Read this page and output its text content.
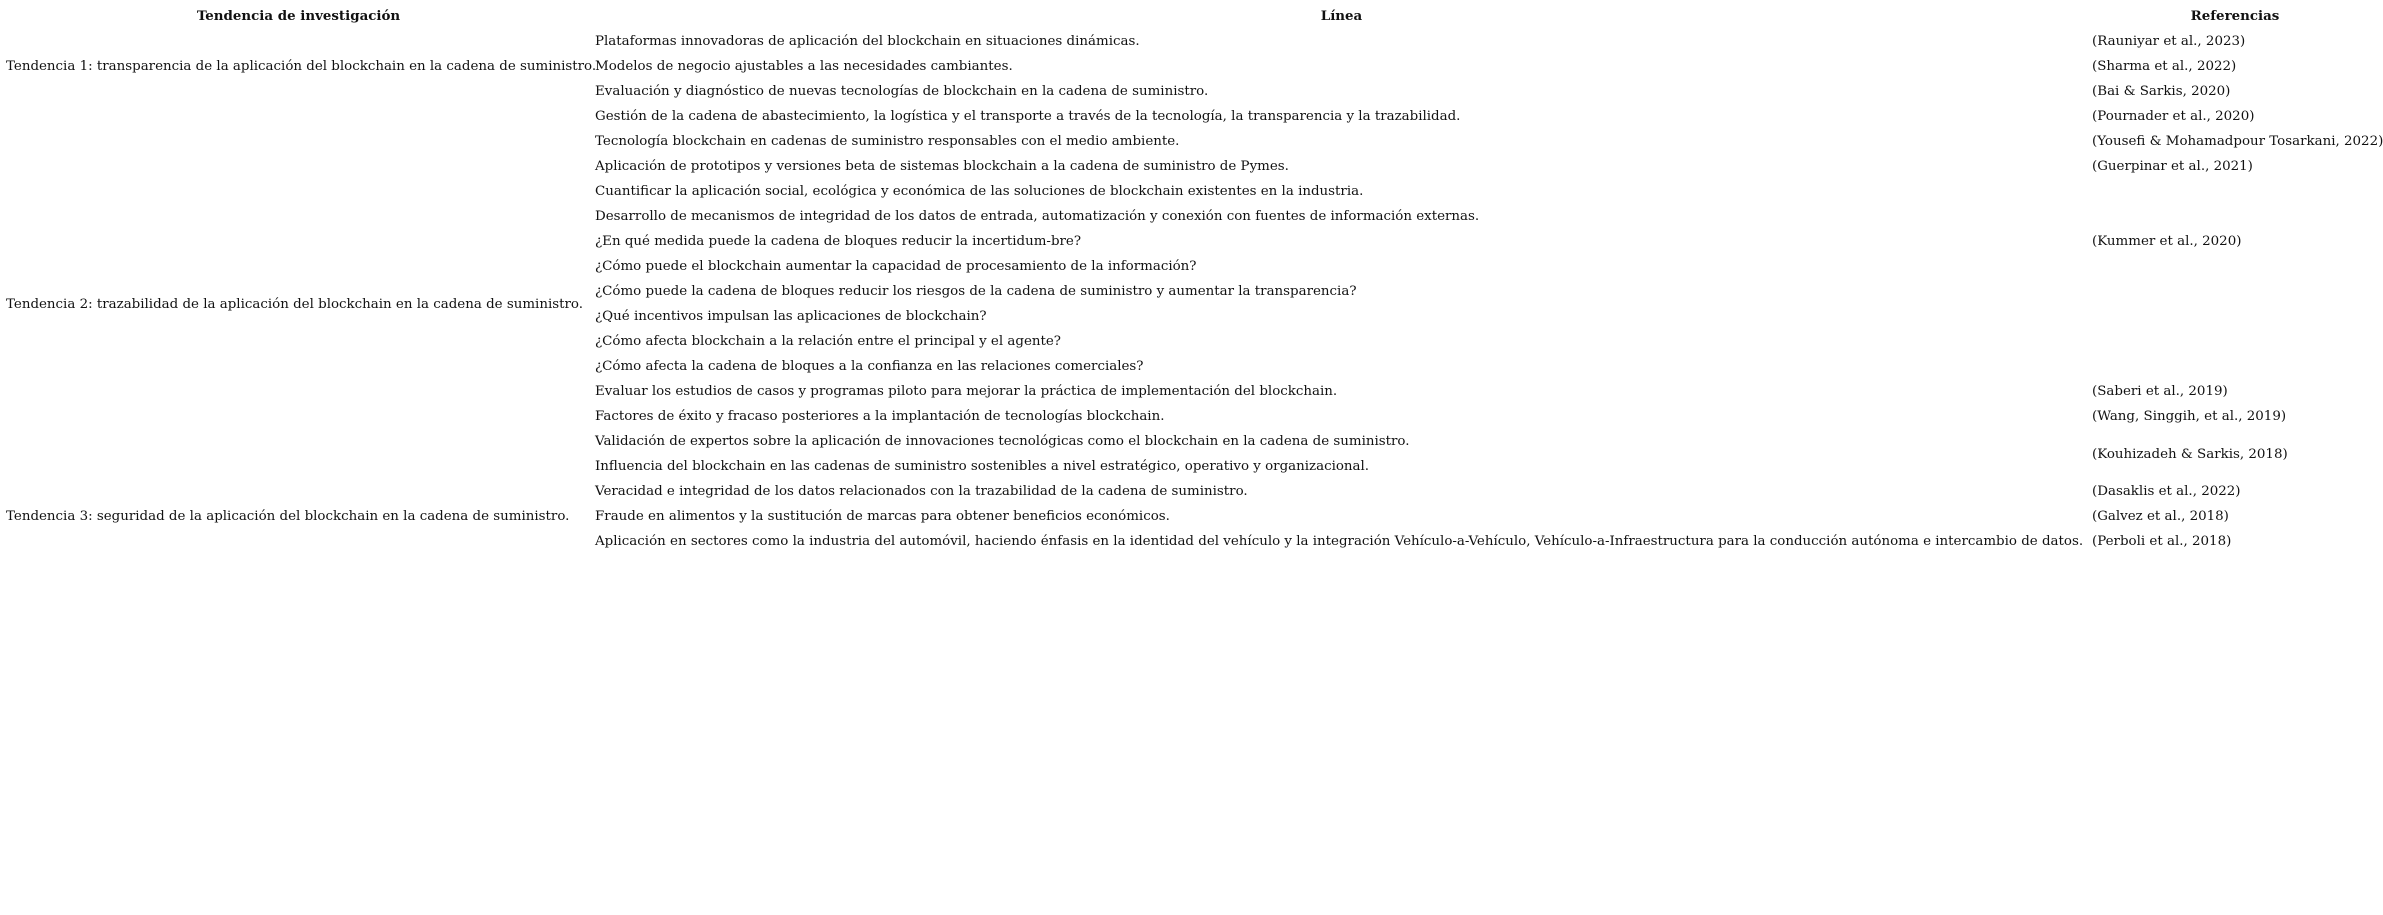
Tendencia de investigación	Línea	Referencias
Tendencia 1: transparencia de la aplicación del blockchain en la cadena de suministro.	Plataformas innovadoras de aplicación del blockchain en situaciones dinámicas.	(Rauniyar et al., 2023)
	Modelos de negocio ajustables a las necesidades cambiantes.	(Sharma et al., 2022)
	Evaluación y diagnóstico de nuevas tecnologías de blockchain en la cadena de suministro.	(Bai & Sarkis, 2020)
	Gestión de la cadena de abastecimiento, la logística y el transporte a través de la tecnología, la transparencia y la trazabilidad.	(Pournader et al., 2020)
	Tecnología blockchain en cadenas de suministro responsables con el medio ambiente.	(Yousefi & Mohamadpour Tosarkani, 2022)
	Aplicación de prototipos y versiones beta de sistemas blockchain a la cadena de suministro de Pymes.	(Guerpinar et al., 2021)
	Cuantificar la aplicación social, ecológica y económica de las soluciones de blockchain existentes en la industria.	
	Desarrollo de mecanismos de integridad de los datos de entrada, automatización y conexión con fuentes de información externas.	
Tendencia 2: trazabilidad de la aplicación del blockchain en la cadena de suministro.	¿En qué medida puede la cadena de bloques reducir la incertidum-bre?	(Kummer et al., 2020)
	¿Cómo puede el blockchain aumentar la capacidad de procesamiento de la información?	
	¿Cómo puede la cadena de bloques reducir los riesgos de la cadena de suministro y aumentar la transparencia?	
	¿Qué incentivos impulsan las aplicaciones de blockchain?	
	¿Cómo afecta blockchain a la relación entre el principal y el agente?	
	¿Cómo afecta la cadena de bloques a la confianza en las relaciones comerciales?	
	Evaluar los estudios de casos y programas piloto para mejorar la práctica de implementación del blockchain.	(Saberi et al., 2019)
	Factores de éxito y fracaso posteriores a la implantación de tecnologías blockchain.	(Wang, Singgih, et al., 2019)
	Validación de expertos sobre la aplicación de innovaciones tecnológicas como el blockchain en la cadena de suministro.	(Kouhizadeh & Sarkis, 2018)
	Influencia del blockchain en las cadenas de suministro sostenibles a nivel estratégico, operativo y organizacional.	
Tendencia 3: seguridad de la aplicación del blockchain en la cadena de suministro.	Veracidad e integridad de los datos relacionados con la trazabilidad de la cadena de suministro.	(Dasaklis et al., 2022)
	Fraude en alimentos y la sustitución de marcas para obtener beneficios económicos.	(Galvez et al., 2018)
	Aplicación en sectores como la industria del automóvil, haciendo énfasis en la identidad del vehículo y la integración Vehículo-a-Vehículo, Vehículo-a-Infraestructura para la conducción autónoma e intercambio de datos.	(Perboli et al., 2018)
